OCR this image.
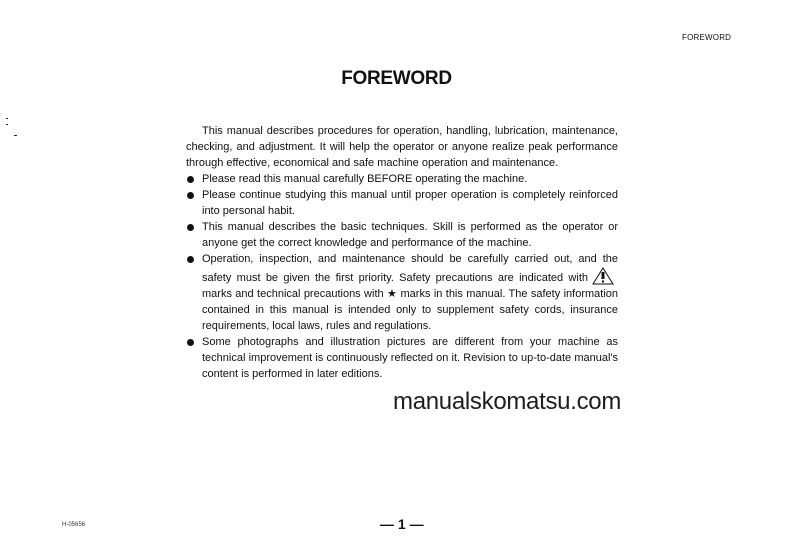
FOREWORD
FOREWORD

This manual describes procedures for operation, handling, lubrication, maintenance, checking, and adjustment. It will help the operator or anyone realize peak performance through effective, economical and safe machine operation and maintenance.

Please read this manual carefully BEFORE operating the machine.
Please continue studying this manual until proper operation is completely reinforced into personal habit.
This manual describes the basic techniques. Skill is performed as the operator or anyone get the correct knowledge and performance of the machine.
Operation, inspection, and maintenance should be carefully carried out, and the safety must be given the first priority. Safety precautions are indicated withmarks and technical precautions with ★ marks in this manual. The safety information contained in this manual is intended only to supplement safety cords, insurance requirements, local laws, rules and regulations.
Some photographs and illustration pictures are different from your machine as technical improvement is continuously reflected on it. Revision to up-to-date manual's content is performed in later editions.
manualskomatsu.com
H-05656	— 1 —
